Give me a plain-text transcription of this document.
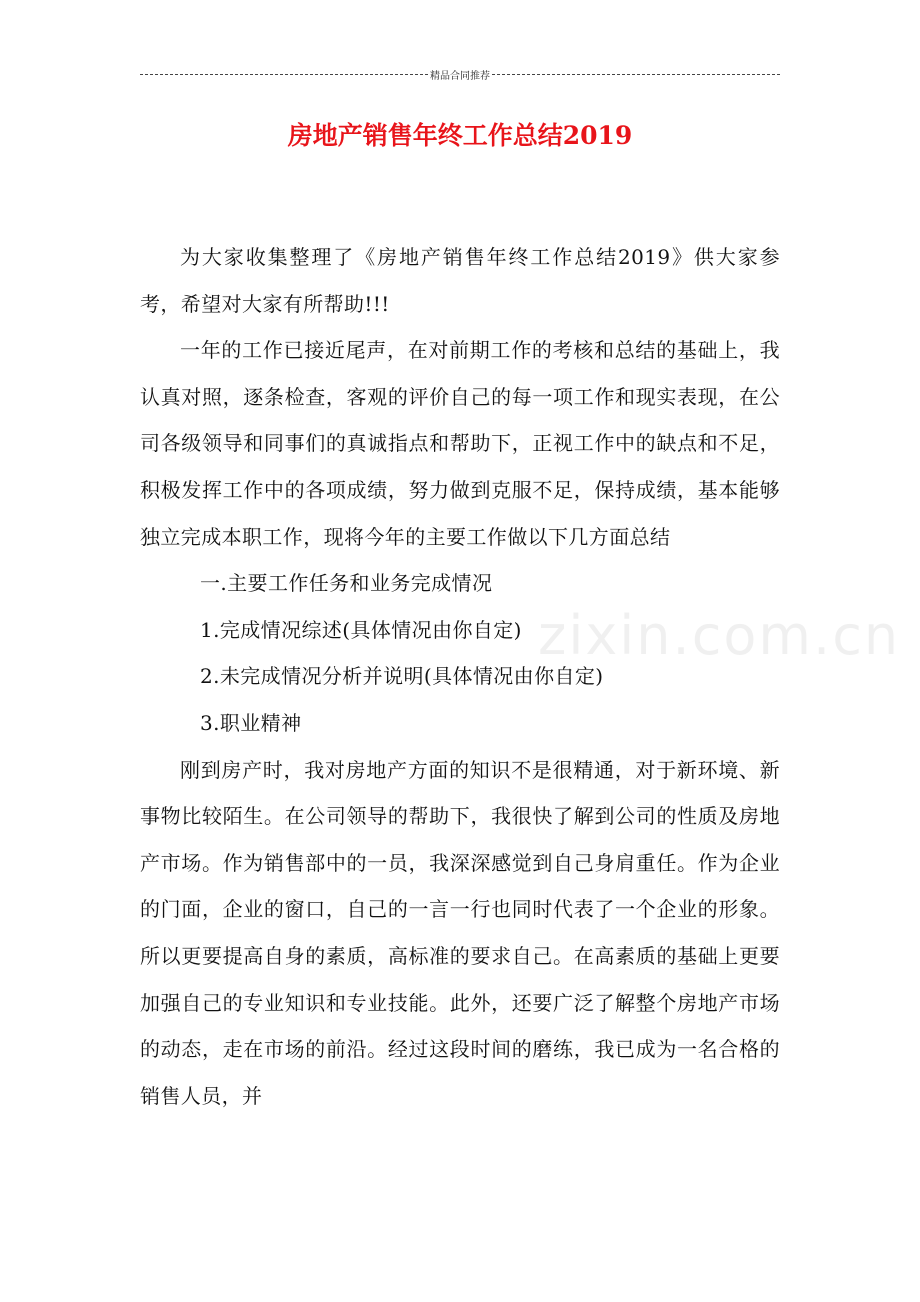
精品合同推荐
房地产销售年终工作总结2019

为大家收集整理了《房地产销售年终工作总结2019》供大家参考，希望对大家有所帮助!!!

一年的工作已接近尾声，在对前期工作的考核和总结的基础上，我认真对照，逐条检查，客观的评价自己的每一项工作和现实表现，在公司各级领导和同事们的真诚指点和帮助下，正视工作中的缺点和不足，积极发挥工作中的各项成绩，努力做到克服不足，保持成绩，基本能够独立完成本职工作，现将今年的主要工作做以下几方面总结

一.主要工作任务和业务完成情况

1.完成情况综述(具体情况由你自定)

2.未完成情况分析并说明(具体情况由你自定)

3.职业精神

刚到房产时，我对房地产方面的知识不是很精通，对于新环境、新事物比较陌生。在公司领导的帮助下，我很快了解到公司的性质及房地产市场。作为销售部中的一员，我深深感觉到自己身肩重任。作为企业的门面，企业的窗口，自己的一言一行也同时代表了一个企业的形象。所以更要提高自身的素质，高标准的要求自己。在高素质的基础上更要加强自己的专业知识和专业技能。此外，还要广泛了解整个房地产市场的动态，走在市场的前沿。经过这段时间的磨练，我已成为一名合格的销售人员，并

zixin.com.cn
